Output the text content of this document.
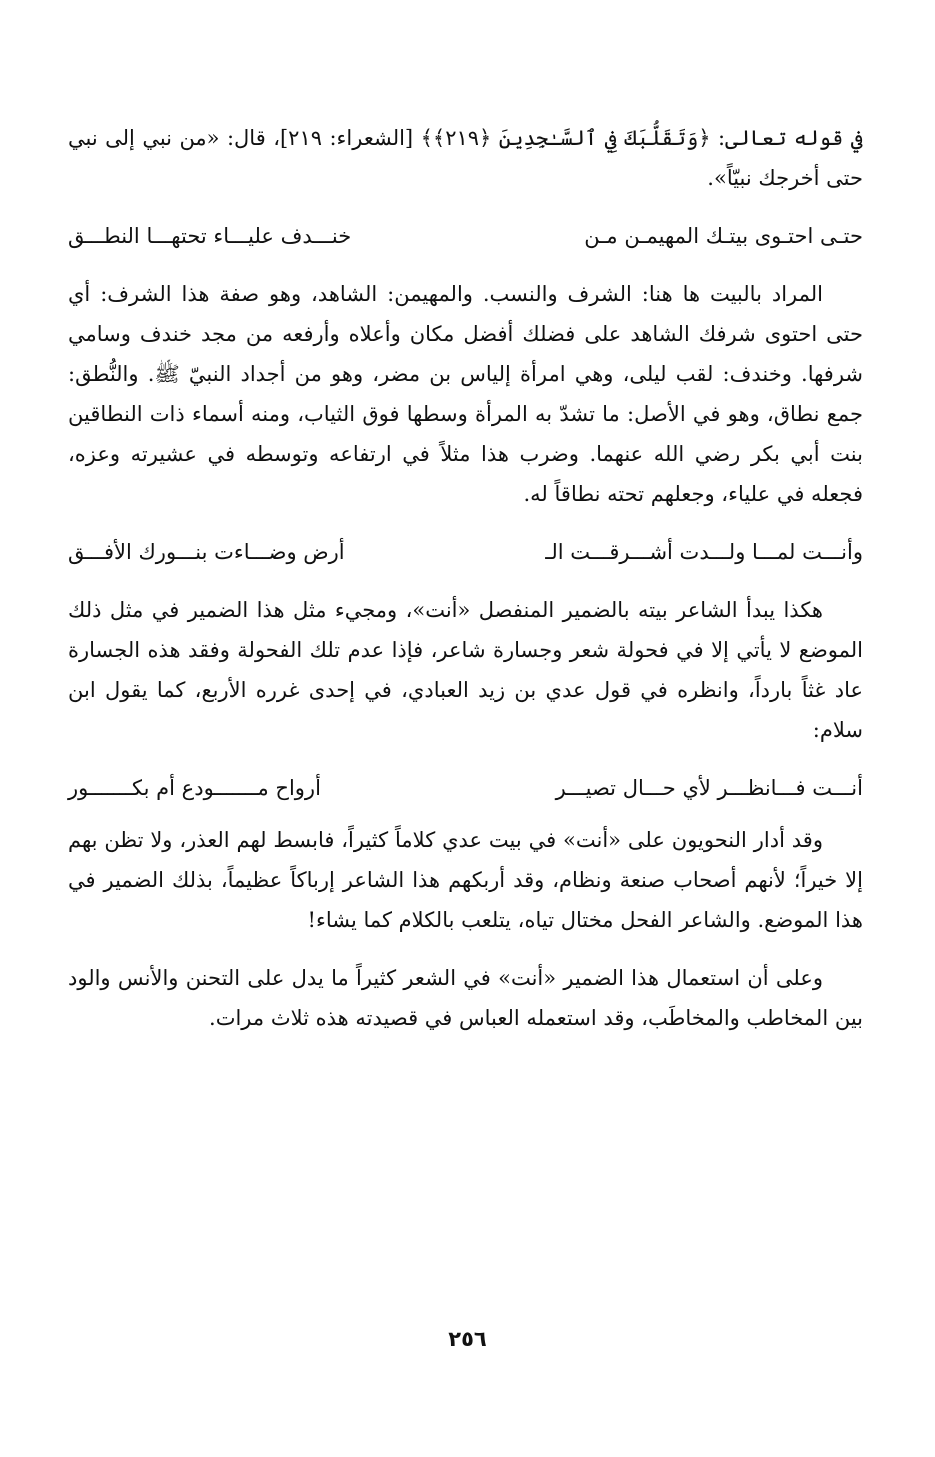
في قوله تعالى: ﴿وَتَقَلُّبَكَ فِي ٱلسَّـٰجِدِينَ ﴿٢١٩﴾﴾ [الشعراء: ٢١٩]، قال: «من نبي إلى نبي حتى أخرجك نبيّاً».

حتـى احتـوى بيتـك المهيمـن مـن
خنـــدف عليـــاء تحتهـــا النطـــق

المراد بالبيت ها هنا: الشرف والنسب. والمهيمن: الشاهد، وهو صفة هذا الشرف: أي حتى احتوى شرفك الشاهد على فضلك أفضل مكان وأعلاه وأرفعه من مجد خندف وسامي شرفها. وخندف: لقب ليلى، وهي امرأة إلياس بن مضر، وهو من أجداد النبيّ ﷺ. والنُّطق: جمع نطاق، وهو في الأصل: ما تشدّ به المرأة وسطها فوق الثياب، ومنه أسماء ذات النطاقين بنت أبي بكر رضي الله عنهما. وضرب هذا مثلاً في ارتفاعه وتوسطه في عشيرته وعزه، فجعله في علياء، وجعلهم تحته نطاقاً له.

وأنـــت لمـــا ولـــدت أشـــرقـــت الـ
أرض وضـــاءت بنـــورك الأفـــق

هكذا يبدأ الشاعر بيته بالضمير المنفصل «أنت»، ومجيء مثل هذا الضمير في مثل ذلك الموضع لا يأتي إلا في فحولة شعر وجسارة شاعر، فإذا عدم تلك الفحولة وفقد هذه الجسارة عاد غثاً بارداً، وانظره في قول عدي بن زيد العبادي، في إحدى غرره الأربع، كما يقول ابن سلام:

أنـــت فـــانظـــر لأي حـــال تصيـــر
أرواح مـــــــودع أم بكـــــــور

وقد أدار النحويون على «أنت» في بيت عدي كلاماً كثيراً، فابسط لهم العذر، ولا تظن بهم إلا خيراً؛ لأنهم أصحاب صنعة ونظام، وقد أربكهم هذا الشاعر إرباكاً عظيماً، بذلك الضمير في هذا الموضع. والشاعر الفحل مختال تياه، يتلعب بالكلام كما يشاء!

وعلى أن استعمال هذا الضمير «أنت» في الشعر كثيراً ما يدل على التحنن والأنس والود بين المخاطب والمخاطَب، وقد استعمله العباس في قصيدته هذه ثلاث مرات.

٢٥٦
